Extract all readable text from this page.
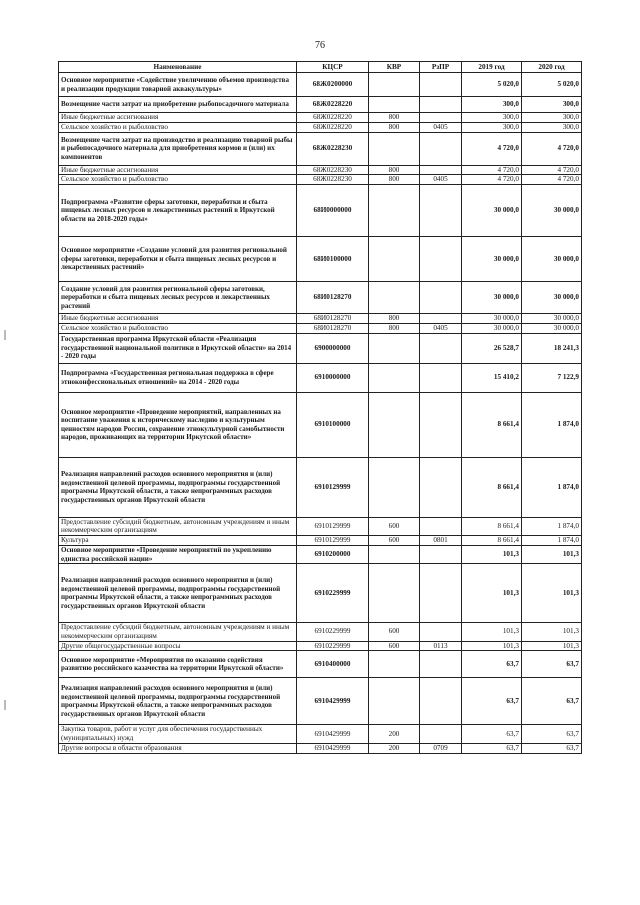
76
Наименование	КЦСР	КВР	РзПР	2019 год	2020 год
Основное мероприятие «Содействие увеличению объемов производства и реализации продукции товарной аквакультуры»	68Ж0200000			5 020,0	5 020,0
Возмещение части затрат на приобретение рыбопосадочного материала	68Ж0228220			300,0	300,0
Иные бюджетные ассигнования	68Ж0228220	800		300,0	300,0
Сельское хозяйство и рыболовство	68Ж0228220	800	0405	300,0	300,0
Возмещение части затрат на производство и реализацию товарной рыбы и рыбопосадочного материала для приобретения кормов и (или) их компонентов	68Ж0228230			4 720,0	4 720,0
Иные бюджетные ассигнования	68Ж0228230	800		4 720,0	4 720,0
Сельское хозяйство и рыболовство	68Ж0228230	800	0405	4 720,0	4 720,0
Подпрограмма «Развитие сферы заготовки, переработки и сбыта пищевых лесных ресурсов и лекарственных растений в Иркутской области на 2018-2020 годы»	68И0000000			30 000,0	30 000,0
Основное мероприятие «Создание условий для развития региональной сферы заготовки, переработки и сбыта пищевых лесных ресурсов и лекарственных растений»	68И0100000			30 000,0	30 000,0
Создание условий для развития региональной сферы заготовки, переработки и сбыта пищевых лесных ресурсов и лекарственных растений	68И0128270			30 000,0	30 000,0
Иные бюджетные ассигнования	68И0128270	800		30 000,0	30 000,0
Сельское хозяйство и рыболовство	68И0128270	800	0405	30 000,0	30 000,0
Государственная программа Иркутской области «Реализация государственной национальной политики в Иркутской области» на 2014 - 2020 годы	6900000000			26 528,7	18 241,3
Подпрограмма «Государственная региональная поддержка в сфере этноконфессиональных отношений» на 2014 - 2020 годы	6910000000			15 410,2	7 122,9
Основное мероприятие «Проведение мероприятий, направленных на воспитание уважения к историческому наследию и культурным ценностям народов России, сохранение этнокультурной самобытности народов, проживающих на территории Иркутской области»	6910100000			8 661,4	1 874,0
Реализация направлений расходов основного мероприятия и (или) ведомственной целевой программы, подпрограммы государственной программы Иркутской области, а также непрограммных расходов государственных органов Иркутской области	6910129999			8 661,4	1 874,0
Предоставление субсидий бюджетным, автономным учреждениям и иным некоммерческим организациям	6910129999	600		8 661,4	1 874,0
Культура	6910129999	600	0801	8 661,4	1 874,0
Основное мероприятие «Проведение мероприятий по укреплению единства российской нации»	6910200000			101,3	101,3
Реализация направлений расходов основного мероприятия и (или) ведомственной целевой программы, подпрограммы государственной программы Иркутской области, а также непрограммных расходов государственных органов Иркутской области	6910229999			101,3	101,3
Предоставление субсидий бюджетным, автономным учреждениям и иным некоммерческим организациям	6910229999	600		101,3	101,3
Другие общегосударственные вопросы	6910229999	600	0113	101,3	101,3
Основное мероприятие «Мероприятия по оказанию содействия развитию российского казачества на территории Иркутской области»	6910400000			63,7	63,7
Реализация направлений расходов основного мероприятия и (или) ведомственной целевой программы, подпрограммы государственной программы Иркутской области, а также непрограммных расходов государственных органов Иркутской области	6910429999			63,7	63,7
Закупка товаров, работ и услуг для обеспечения государственных (муниципальных) нужд	6910429999	200		63,7	63,7
Другие вопросы в области образования	6910429999	200	0709	63,7	63,7
